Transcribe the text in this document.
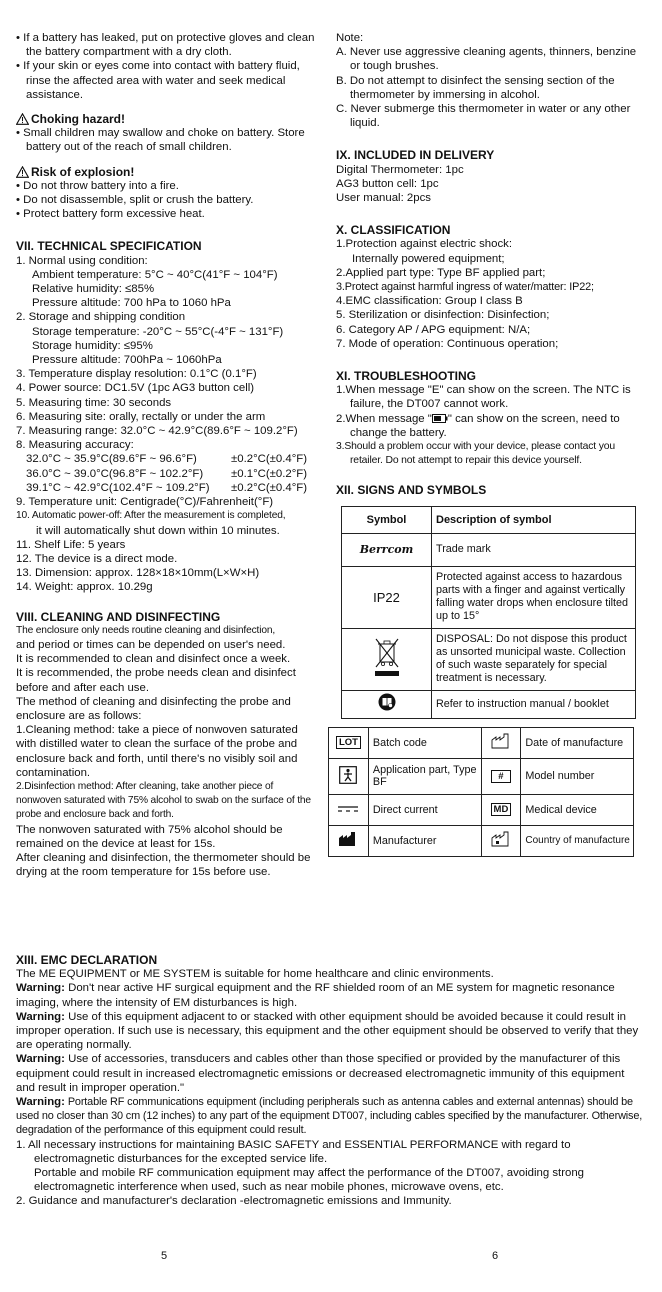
• If a battery has leaked, put on protective gloves and clean the battery compartment with a dry cloth.

• If your skin or eyes come into contact with battery fluid, rinse the affected area with water and seek medical assistance.

Choking hazard!

• Small children may swallow and choke on battery. Store battery out of the reach of small children.

Risk of explosion!

• Do not throw battery into a fire.

• Do not disassemble, split or crush the battery.

• Protect battery form excessive heat.

VII. TECHNICAL SPECIFICATION

1. Normal using condition:

Ambient temperature: 5°C ~ 40°C(41°F ~ 104°F)

Relative humidity: ≤85%

Pressure altitude: 700 hPa to 1060 hPa

2. Storage and shipping condition

Storage temperature: -20°C ~ 55°C(-4°F ~ 131°F)

Storage humidity: ≤95%

Pressure altitude: 700hPa ~ 1060hPa

3. Temperature display resolution: 0.1°C (0.1°F)

4. Power source: DC1.5V (1pc AG3 button cell)

5. Measuring time: 30 seconds

6. Measuring site: orally, rectally or under the arm

7. Measuring range: 32.0°C ~ 42.9°C(89.6°F ~ 109.2°F)

8. Measuring accuracy:

32.0°C ~ 35.9°C(89.6°F ~ 96.6°F)	±0.2°C(±0.4°F)
36.0°C ~ 39.0°C(96.8°F ~ 102.2°F)	±0.1°C(±0.2°F)
39.1°C ~ 42.9°C(102.4°F ~ 109.2°F)	±0.2°C(±0.4°F)

9. Temperature unit: Centigrade(°C)/Fahrenheit(°F)

10. Automatic power-off: After the measurement is completed,

it will automatically shut down within 10 minutes.

11. Shelf Life: 5 years

12. The device is a direct mode.

13. Dimension: approx. 128×18×10mm(L×W×H)

14. Weight: approx. 10.29g

VIII. CLEANING AND DISINFECTING

The enclosure only needs routine cleaning and disinfection,

and period or times can be depended on user's need.

It is recommended to clean and disinfect once a week.

It is recommended, the probe needs clean and disinfect before and after each use.

The method of cleaning and disinfecting the probe and enclosure are as follows:

1.Cleaning method: take a piece of nonwoven saturated with distilled water to clean the surface of the probe and enclosure back and forth, until there's no visibly soil and contamination.

2.Disinfection method: After cleaning, take another piece of nonwoven saturated with 75% alcohol to swab on the surface of the probe and enclosure back and forth.

The nonwoven saturated with 75% alcohol should be remained on the device at least for 15s.

After cleaning and disinfection, the thermometer should be drying at the room temperature for 15s before use.

Note:

A. Never use aggressive cleaning agents, thinners, benzine or tough brushes.

B. Do not attempt to disinfect the sensing section of the thermometer by immersing in alcohol.

C. Never submerge this thermometer in water or any other liquid.

IX. INCLUDED IN DELIVERY

Digital Thermometer: 1pc

AG3 button cell: 1pc

User manual: 2pcs

X. CLASSIFICATION

1.Protection against electric shock:

Internally powered equipment;

2.Applied part type: Type BF applied part;

3.Protect against harmful ingress of water/matter: IP22;

4.EMC classification: Group I class B

5. Sterilization or disinfection: Disinfection;

6. Category AP / APG equipment: N/A;

7. Mode of operation: Continuous operation;

XI. TROUBLESHOOTING

1.When message "E" can show on the screen. The NTC is failure, the DT007 cannot work.

2.When message " " can show on the screen, need to change the battery.

3.Should a problem occur with your device, please contact you retailer. Do not attempt to repair this device yourself.

XII. SIGNS AND SYMBOLS

Symbol	Description of symbol
Berrcom	Trade mark
IP22	Protected against access to hazardous parts with a finger and against vertically falling water drops when enclosure tilted up to 15°
	DISPOSAL: Do not dispose this product as unsorted municipal waste. Collection of such waste separately for special treatment is necessary.
	Refer to instruction manual / booklet
LOT	Batch code		Date of manufacture
	Application part, Type BF	#	Model number
	Direct current	MD	Medical device
	Manufacturer		Country of manufacture

XIII. EMC DECLARATION

The ME EQUIPMENT or ME SYSTEM is suitable for home healthcare and clinic environments.

Warning: Don't near active HF surgical equipment and the RF shielded room of an ME system for magnetic resonance imaging, where the intensity of EM disturbances is high.

Warning: Use of this equipment adjacent to or stacked with other equipment should be avoided because it could result in improper operation. If such use is necessary, this equipment and the other equipment should be observed to verify that they are operating normally.

Warning: Use of accessories, transducers and cables other than those specified or provided by the manufacturer of this equipment could result in increased electromagnetic emissions or decreased electromagnetic immunity of this equipment and result in improper operation."

Warning: Portable RF communications equipment (including peripherals such as antenna cables and external antennas) should be used no closer than 30 cm (12 inches) to any part of the equipment DT007, including cables specified by the manufacturer. Otherwise, degradation of the performance of this equipment could result.

1. All necessary instructions for maintaining BASIC SAFETY and ESSENTIAL PERFORMANCE with regard to electromagnetic disturbances for the excepted service life.

Portable and mobile RF communication equipment may affect the performance of the DT007, avoiding strong electromagnetic interference when used, such as near mobile phones, microwave ovens, etc.

2. Guidance and manufacturer's declaration -electromagnetic emissions and Immunity.

5	6
